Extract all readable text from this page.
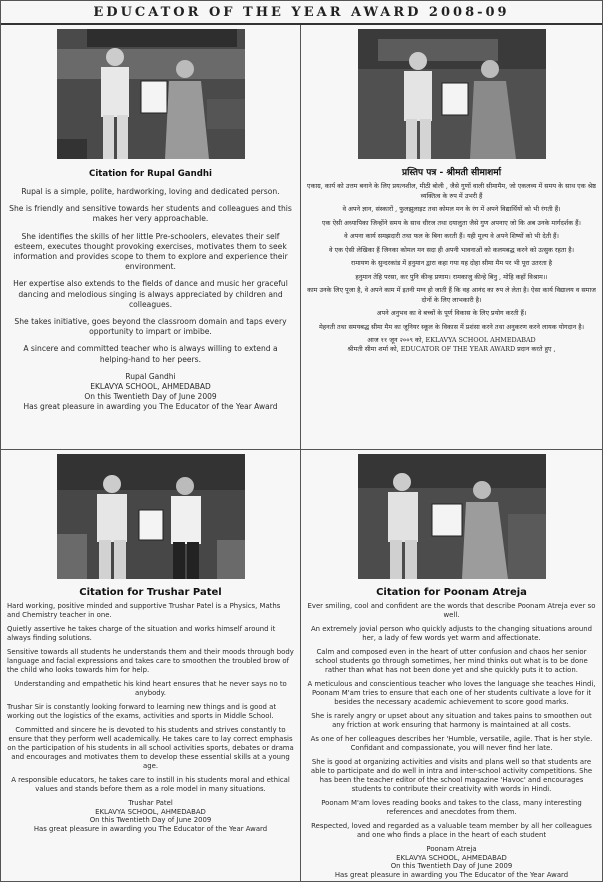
EDUCATOR OF THE YEAR AWARD 2008-09
Citation for Rupal Gandhi

Rupal is a simple, polite, hardworking, loving and dedicated person.

She is friendly and sensitive towards her students and colleagues and this makes her very approachable.

She identifies the skills of her little Pre-schoolers, elevates their self esteem, executes thought provoking exercises, motivates them to seek information and provides scope to them to explore and experience their environment.

Her expertise also extends to the fields of dance and music her graceful dancing and melodious singing is always appreciated by children and colleagues.

She takes initiative, goes beyond the classroom domain and taps every opportunity to impart or imbibe.

A sincere and committed teacher who is always willing to extend a helping-hand to her peers.

Rupal Gandhi
EKLAVYA SCHOOL, AHMEDABAD
On this Twentieth Day of June 2009
Has great pleasure in awarding you The Educator of the Year Award
प्रस्तिप पत्र - श्रीमती सीमाशर्मा

एकाग्र, कार्य को उत्तम बनाने के लिए प्रयत्नशील, मीठी बोली , जैसे गुणों वाली सीमामैम, जो एकलव्य में समय के साथ एक श्रेष्ठ व्यक्तित्व के रुप में उभरी हैं

वे अपने ज्ञान, संस्कारों , फुलझुलाइट तथा कोमल मन के रंग में अपने विद्यार्थियों को भी रंगती हैं।

एक ऐसी अध्यापिका जिन्होंने समय के साथ धीरज तथा दयालुता जैसे गुण अपनाए जो कि अब उनके मार्गदर्शक हैं।

वे अपना कार्य समझदारी तथा फल के बिना करती हैं। यही मूल्य वे अपने शिष्यों को भी देती हैं।

वे एक ऐसी लेखिका हैं जिनका कोमल मन सदा ही अपनी भावनाओं को कलमबद्ध करने को उत्सुक रहता है।

रामायण के सुन्दरकांड में हनुमान द्वारा कहा गया यह दोहा सीमा मैम पर भी पूरा उतरता है

हनुमान तेहि परसा, कर पुनि कीन्ह प्रणाम। रामकाजु कीन्हे बिनु , मोहि कहाँ विश्राम।।

काम उनके लिए पूजा है, वे अपने काम में इतनी मग्न हो जाती हैं कि वह आनंद का रुप ले लेता है। ऐसा कार्य विद्यालय व समाज दोनों के लिए लाभकारी है।

अपने अनुभव का वे बच्चों के पूर्ण विकास के लिए प्रयोग करती हैं।

मेहनती तथा समयबद्ध सीमा मैम का जूनियर स्कूल के विकास में प्रशंसा करने तथा अनुकरण करने लायक योगदान है।

आज ११ जून २००९ को, EKLAVYA SCHOOL AHMEDABAD
श्रीमती सीमा शर्मा को, EDUCATOR OF THE YEAR AWARD प्रदान करते हुए ,
Citation for Trushar Patel

Hard working, positive minded and supportive Trushar Patel is a Physics, Maths and Chemistry teacher in one.

Quietly assertive he takes charge of the situation and works himself around it always finding solutions.

Sensitive towards all students he understands them and their moods through body language and facial expressions and takes care to smoothen the troubled brow of the child who looks towards him for help.

Understanding and empathetic his kind heart ensures that he never says no to anybody.

Trushar Sir is constantly looking forward to learning new things and is good at working out the logistics of the exams, activities and sports in Middle School.

Committed and sincere he is devoted to his students and strives constantly to ensure that they perform well academically. He takes care to lay correct emphasis on the participation of his students in all school activities sports, debates or drama and encourages and motivates them to develop these essential skills at a young age.

A responsible educators, he takes care to instill in his students moral and ethical values and stands before them as a role model in many situations.

Trushar Patel
EKLAVYA SCHOOL, AHMEDABAD
On this Twentieth Day of June 2009
Has great pleasure in awarding you The Educator of the Year Award
Citation for Poonam Atreja

Ever smiling, cool and confident are the words that describe Poonam Atreja ever so well.

An extremely jovial person who quickly adjusts to the changing situations around her, a lady of few words yet warm and affectionate.

Calm and composed even in the heart of utter confusion and chaos her senior school students go through sometimes, her mind thinks out what is to be done rather than what has not been done yet and she quickly puts it to action.

A meticulous and conscientious teacher who loves the language she teaches Hindi, Poonam M'am tries to ensure that each one of her students cultivate a love for it besides the necessary academic achievement to score good marks.

She is rarely angry or upset about any situation and takes pains to smoothen out any friction at work ensuring that harmony is maintained at all costs.

As one of her colleagues describes her 'Humble, versatile, agile. That is her style. Confidant and compassionate, you will never find her late.

She is good at organizing activities and visits and plans well so that students are able to participate and do well in intra and inter-school activity competitions. She has been the teacher editor of the school magazine 'Havoc' and encourages students to contribute their creativity with words in Hindi.

Poonam M'am loves reading books and takes to the class, many interesting references and anecdotes from them.

Respected, loved and regarded as a valuable team member by all her colleagues and one who finds a place in the heart of each student

Poonam Atreja
EKLAVYA SCHOOL, AHMEDABAD
On this Twentieth Day of June 2009
Has great pleasure in awarding you The Educator of the Year Award
